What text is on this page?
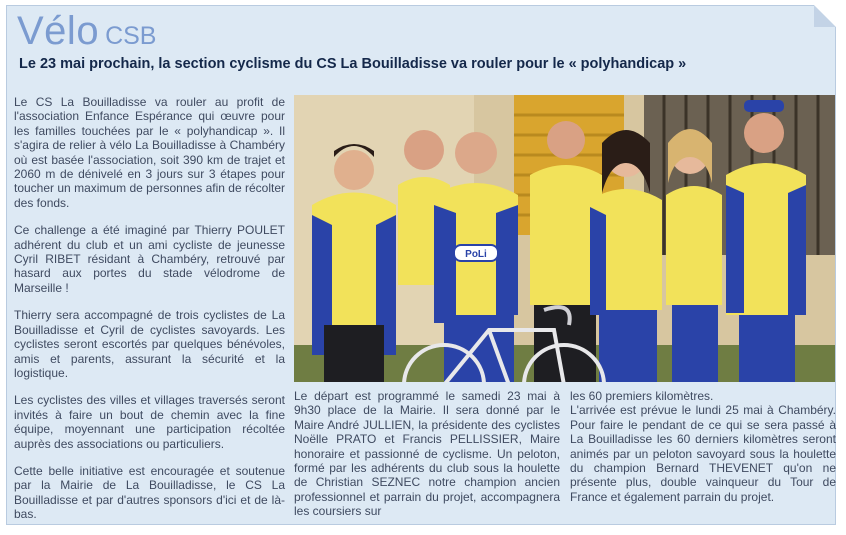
Vélo CSB
Le 23 mai prochain, la section cyclisme du CS La Bouilladisse va rouler pour le « polyhandicap »

Le CS La Bouilladisse va rouler au profit de l'association Enfance Espérance qui œuvre pour les familles touchées par le « polyhandicap ». Il s'agira de relier à vélo La Bouilladisse à Chambéry où est basée l'association, soit 390 km de trajet et 2060 m de dénivelé en 3 jours sur 3 étapes pour toucher un maximum de personnes afin de récolter des fonds.

Ce challenge a été imaginé par Thierry POULET adhérent du club et un ami cycliste de jeunesse Cyril RIBET résidant à Chambéry, retrouvé par hasard aux portes du stade vélodrome de Marseille !

Thierry sera accompagné de trois cyclistes de La Bouilladisse et Cyril de cyclistes savoyards. Les cyclistes seront escortés par quelques bénévoles, amis et parents, assurant la sécurité et la logistique.

Les cyclistes des villes et villages traversés seront invités à faire un bout de chemin avec la fine équipe, moyennant une participation récoltée auprès des associations ou particuliers.

Cette belle initiative est encouragée et soutenue par la Mairie de La Bouilladisse, le CS La Bouilladisse et par d'autres sponsors d'ici et de là-bas.

PoLi
Le départ est programmé le samedi 23 mai à 9h30 place de la Mairie. Il sera donné par le Maire André JULLIEN, la présidente des cyclistes Noëlle PRATO et Francis PELLISSIER, Maire honoraire et passionné de cyclisme. Un peloton, formé par les adhérents du club sous la houlette de Christian SEZNEC notre champion ancien professionnel et parrain du projet, accompagnera les coursiers sur
les 60 premiers kilomètres.
L'arrivée est prévue le lundi 25 mai à Chambéry. Pour faire le pendant de ce qui se sera passé à La Bouilladisse les 60 derniers kilomètres seront animés par un peloton savoyard sous la houlette du champion Bernard THEVENET qu'on ne présente plus, double vainqueur du Tour de France et également parrain du projet.
